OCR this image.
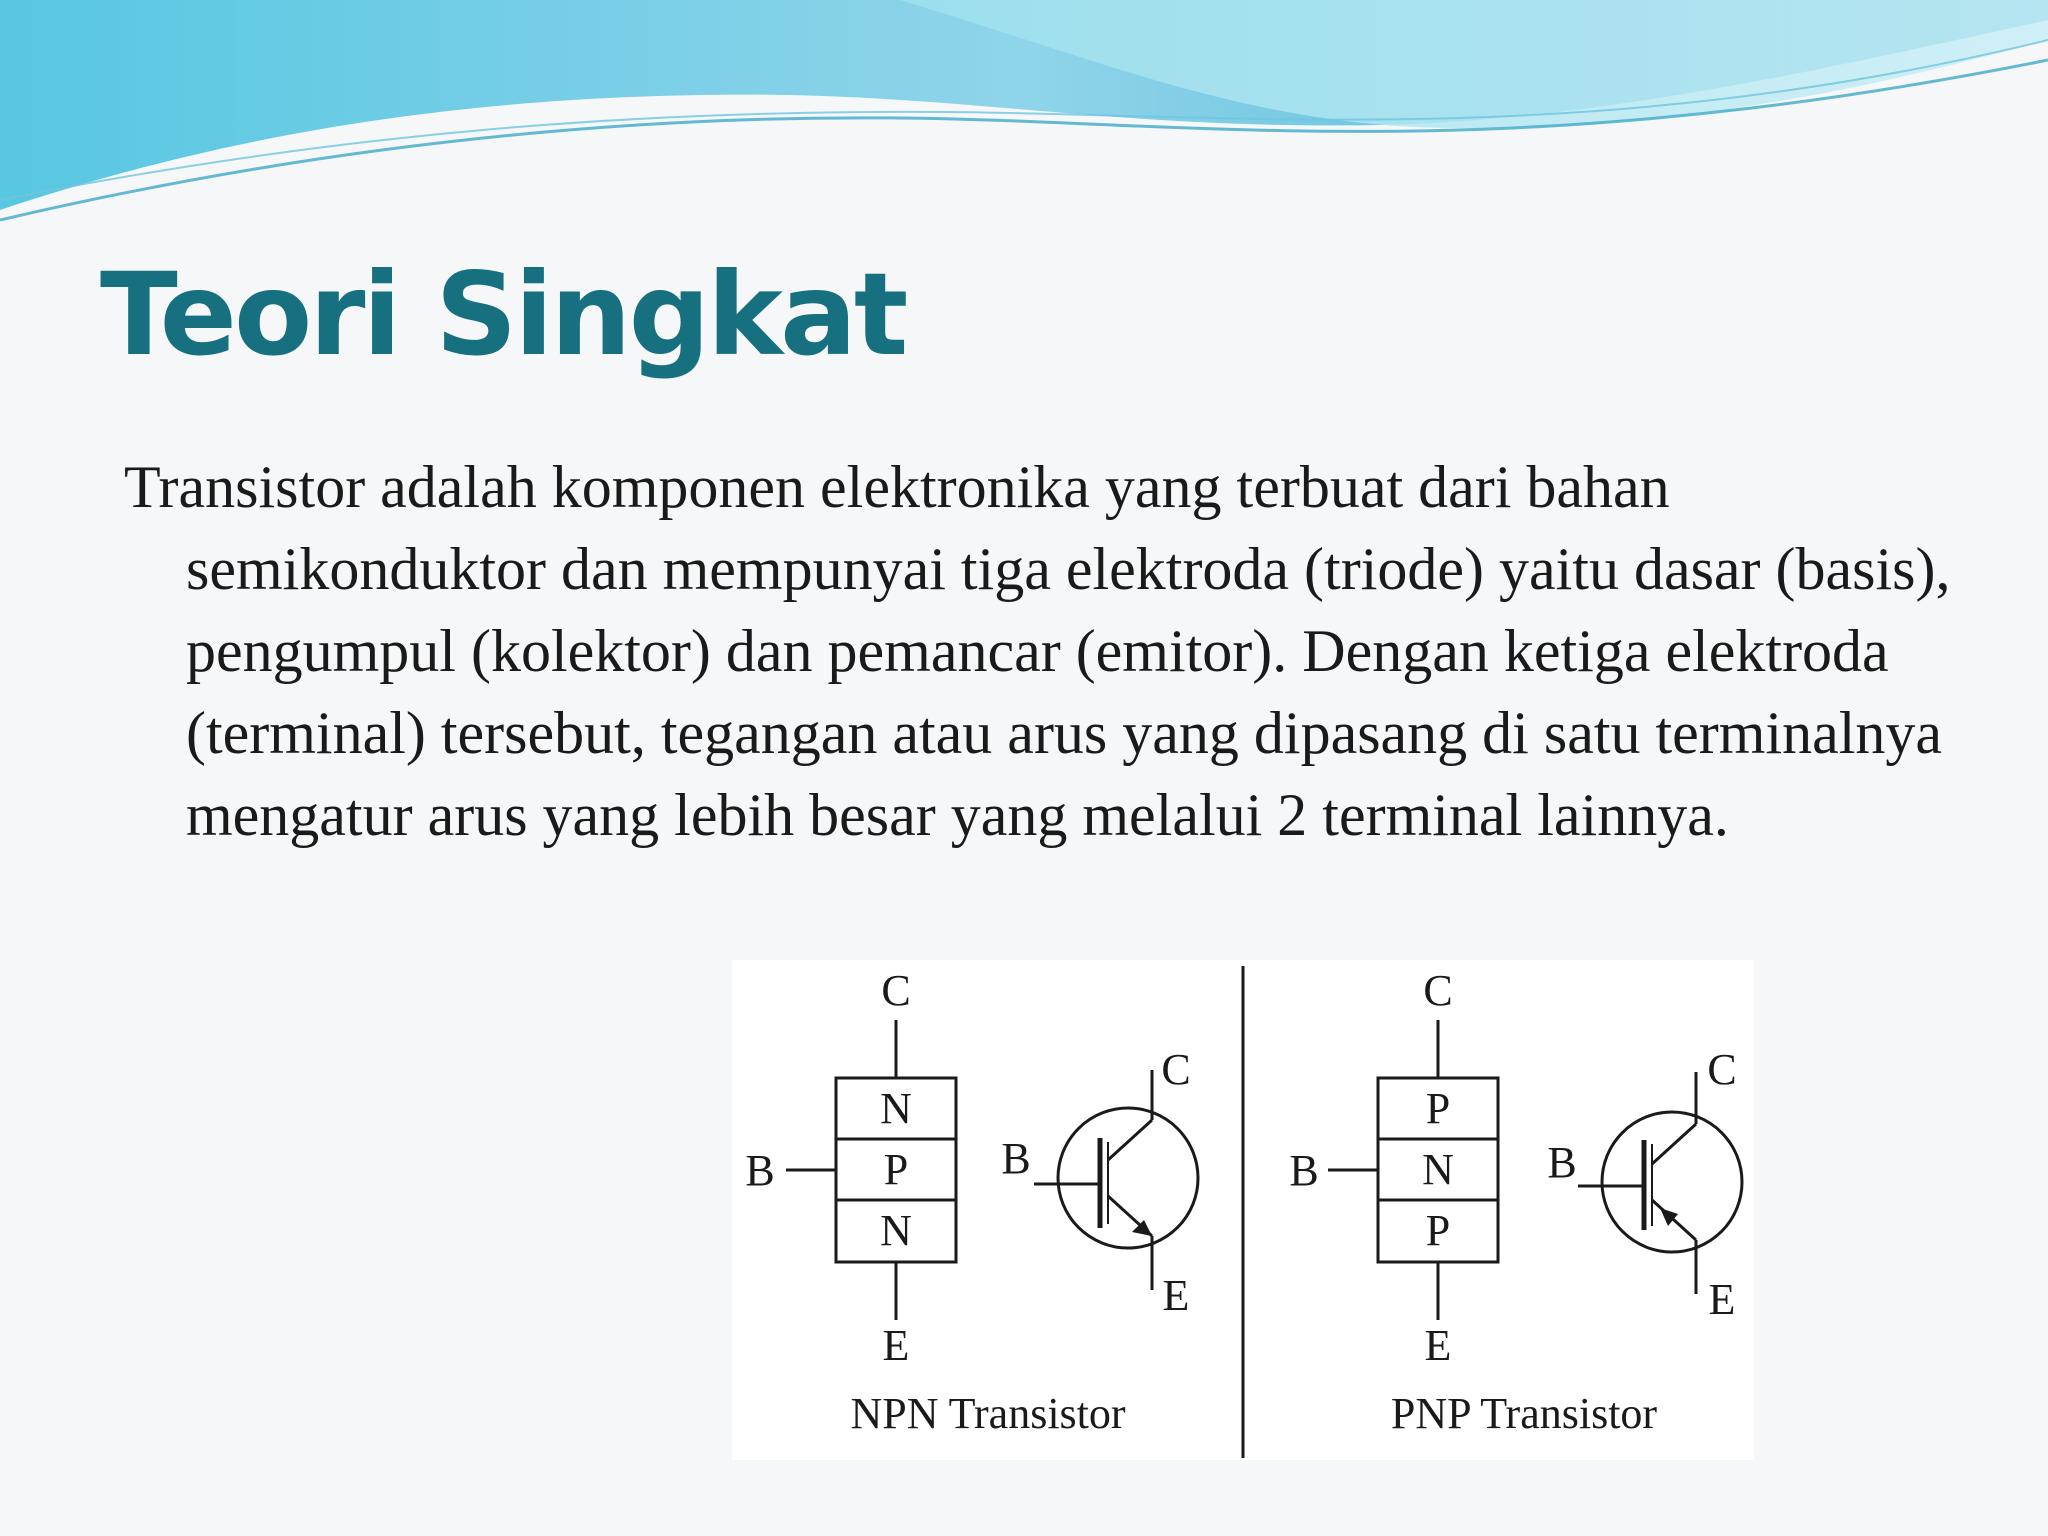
Teori Singkat

Transistor adalah komponen elektronika yang terbuat dari bahan semikonduktor dan mempunyai tiga elektroda (triode) yaitu dasar (basis), pengumpul (kolektor) dan pemancar (emitor). Dengan ketiga elektroda (terminal) tersebut, tegangan atau arus yang dipasang di satu terminalnya mengatur arus yang lebih besar yang melalui 2 terminal lainnya.

C
N
P
N
B
E
C
B
E
C
P
N
P
B
E
C
B
E
NPN Transistor	PNP Transistor
